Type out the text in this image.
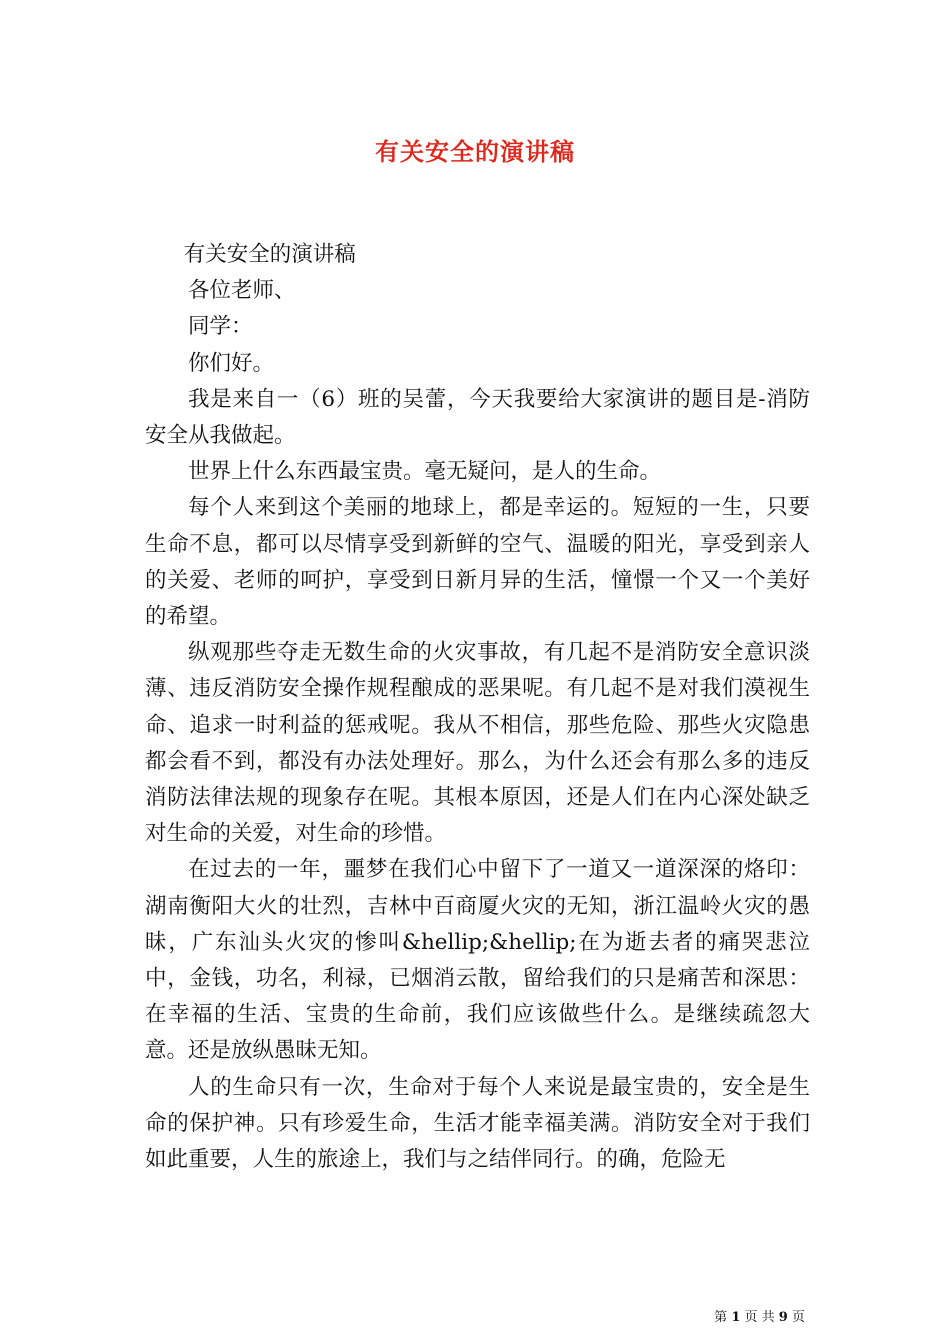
有关安全的演讲稿

有关安全的演讲稿

各位老师、

同学：

你们好。

我是来自一（6）班的吴蕾，今天我要给大家演讲的题目是-消防安全从我做起。

世界上什么东西最宝贵。毫无疑问，是人的生命。

每个人来到这个美丽的地球上，都是幸运的。短短的一生，只要生命不息，都可以尽情享受到新鲜的空气、温暖的阳光，享受到亲人的关爱、老师的呵护，享受到日新月异的生活，憧憬一个又一个美好的希望。

纵观那些夺走无数生命的火灾事故，有几起不是消防安全意识淡薄、违反消防安全操作规程酿成的恶果呢。有几起不是对我们漠视生命、追求一时利益的惩戒呢。我从不相信，那些危险、那些火灾隐患都会看不到，都没有办法处理好。那么，为什么还会有那么多的违反消防法律法规的现象存在呢。其根本原因，还是人们在内心深处缺乏对生命的关爱，对生命的珍惜。

在过去的一年，噩梦在我们心中留下了一道又一道深深的烙印：湖南衡阳大火的壮烈，吉林中百商厦火灾的无知，浙江温岭火灾的愚昧，广东汕头火灾的惨叫&hellip;&hellip;在为逝去者的痛哭悲泣中，金钱，功名，利禄，已烟消云散，留给我们的只是痛苦和深思：在幸福的生活、宝贵的生命前，我们应该做些什么。是继续疏忽大意。还是放纵愚昧无知。

人的生命只有一次，生命对于每个人来说是最宝贵的，安全是生命的保护神。只有珍爱生命，生活才能幸福美满。消防安全对于我们如此重要，人生的旅途上，我们与之结伴同行。的确，危险无

第 1 页 共 9 页
